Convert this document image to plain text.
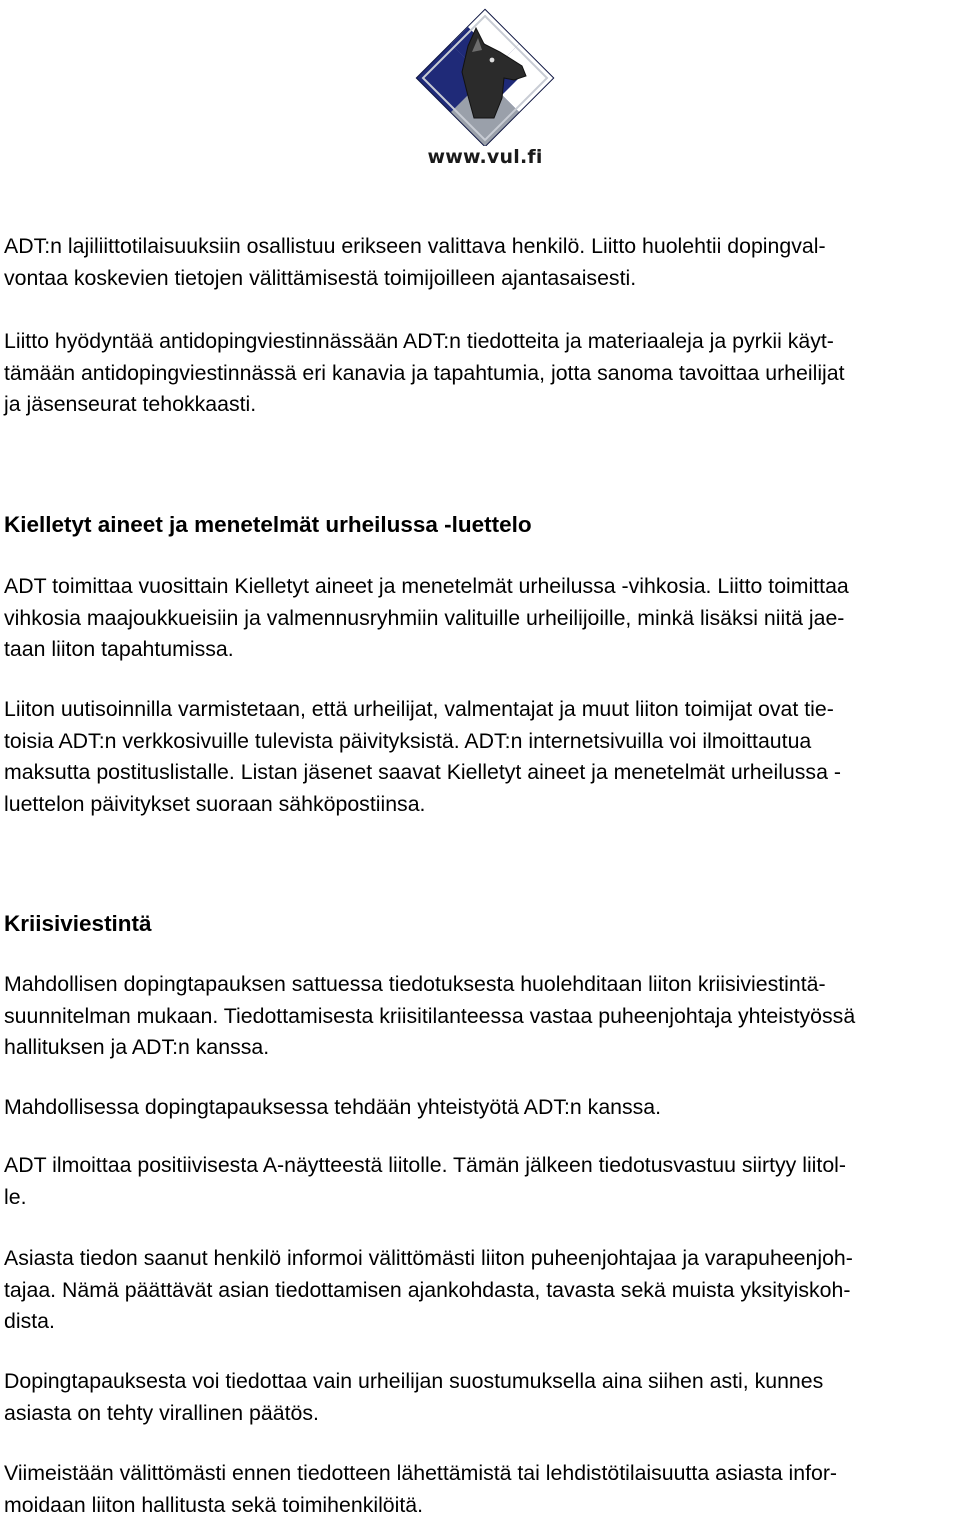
www.vul.fi

ADT:n lajiliittotilaisuuksiin osallistuu erikseen valittava henkilö. Liitto huolehtii dopingval-
vontaa koskevien tietojen välittämisestä toimijoilleen ajantasaisesti.

Liitto hyödyntää antidopingviestinnässään ADT:n tiedotteita ja materiaaleja ja pyrkii käyt-
tämään antidopingviestinnässä eri kanavia ja tapahtumia, jotta sanoma tavoittaa urheilijat
ja jäsenseurat tehokkaasti.

Kielletyt aineet ja menetelmät urheilussa -luettelo

ADT toimittaa vuosittain Kielletyt aineet ja menetelmät urheilussa -vihkosia. Liitto toimittaa
vihkosia maajoukkueisiin ja valmennusryhmiin valituille urheilijoille, minkä lisäksi niitä jae-
taan liiton tapahtumissa.

Liiton uutisoinnilla varmistetaan, että urheilijat, valmentajat ja muut liiton toimijat ovat tie-
toisia ADT:n verkkosivuille tulevista päivityksistä. ADT:n internetsivuilla voi ilmoittautua
maksutta postituslistalle. Listan jäsenet saavat Kielletyt aineet ja menetelmät urheilussa -
luettelon päivitykset suoraan sähköpostiinsa.

Kriisiviestintä

Mahdollisen dopingtapauksen sattuessa tiedotuksesta huolehditaan liiton kriisiviestintä-
suunnitelman mukaan. Tiedottamisesta kriisitilanteessa vastaa puheenjohtaja yhteistyössä
hallituksen ja ADT:n kanssa.

Mahdollisessa dopingtapauksessa tehdään yhteistyötä ADT:n kanssa.

ADT ilmoittaa positiivisesta A-näytteestä liitolle. Tämän jälkeen tiedotusvastuu siirtyy liitol-
le.

Asiasta tiedon saanut henkilö informoi välittömästi liiton puheenjohtajaa ja varapuheenjoh-
tajaa. Nämä päättävät asian tiedottamisen ajankohdasta, tavasta sekä muista yksityiskoh-
dista.

Dopingtapauksesta voi tiedottaa vain urheilijan suostumuksella aina siihen asti, kunnes
asiasta on tehty virallinen päätös.

Viimeistään välittömästi ennen tiedotteen lähettämistä tai lehdistötilaisuutta asiasta infor-
moidaan liiton hallitusta sekä toimihenkilöitä.
